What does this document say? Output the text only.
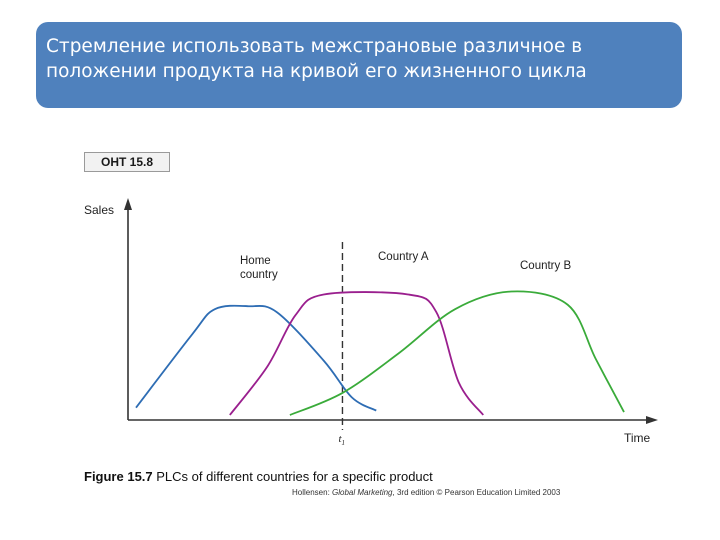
Стремление использовать межстрановые различное в

положении продукта на кривой его жизненного цикла

OHT 15.8
Sales
Time
$t_1$
Home country
Country A
Country B
Figure 15.7 PLCs of different countries for a specific product
Hollensen: Global Marketing, 3rd edition © Pearson Education Limited 2003
